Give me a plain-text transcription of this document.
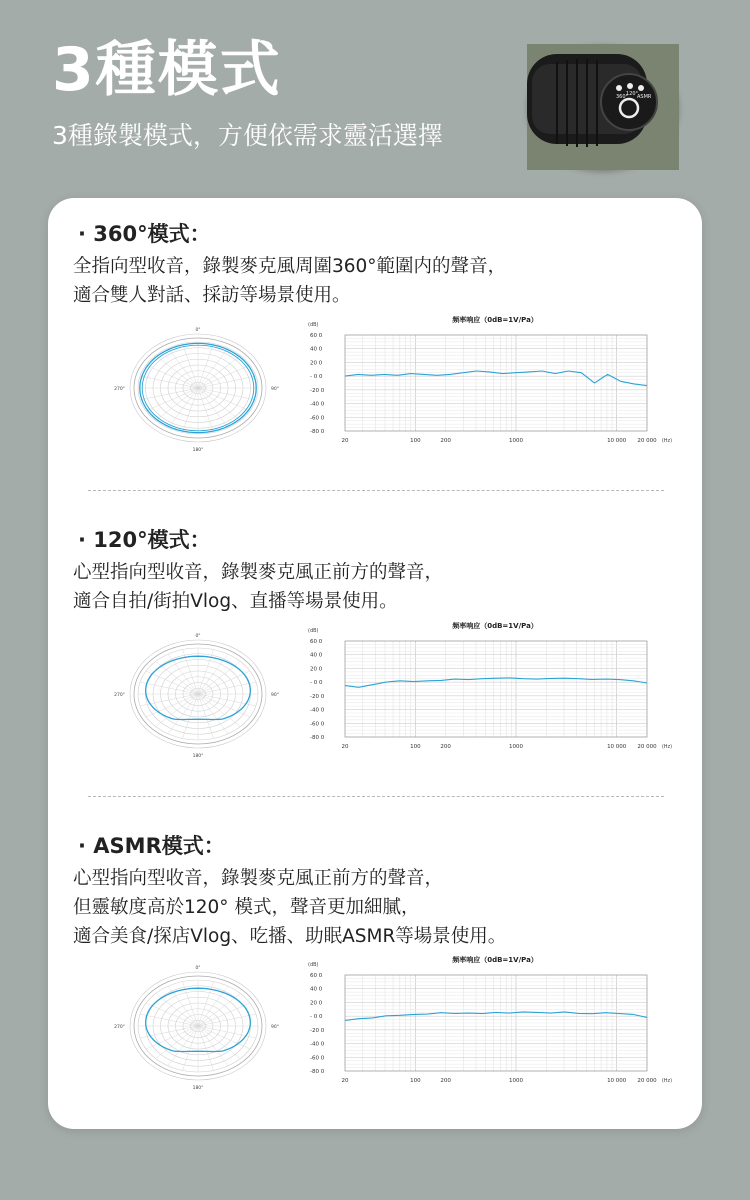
3種模式
3種錄製模式，方便依需求靈活選擇
360°
120°
ASMR
· 360°模式：
全指向型收音，錄製麥克風周圍360°範圍内的聲音，
適合雙人對話、採訪等場景使用。
0°
90°
180°
270°
频率响应（0dB=1V/Pa）
(dB)
60 0
40 0
20 0
- 0 0
-20 0
-40 0
-60 0
-80 0
20	100	200	1000	10 000 20 000 (Hz)
· 120°模式：
心型指向型收音，錄製麥克風正前方的聲音，
適合自拍/街拍Vlog、直播等場景使用。
0°
90°
180°
270°
频率响应（0dB=1V/Pa）
(dB)
60 0
40 0
20 0
- 0 0
-20 0
-40 0
-60 0
-80 0
20	100	200	1000	10 000 20 000 (Hz)
· ASMR模式：
心型指向型收音，錄製麥克風正前方的聲音，
但靈敏度高於120° 模式，聲音更加細膩，
適合美食/探店Vlog、吃播、助眠ASMR等場景使用。
0°
90°
180°
270°
频率响应（0dB=1V/Pa）
(dB)
60 0
40 0
20 0
- 0 0
-20 0
-40 0
-60 0
-80 0
20	100	200	1000	10 000 20 000 (Hz)
